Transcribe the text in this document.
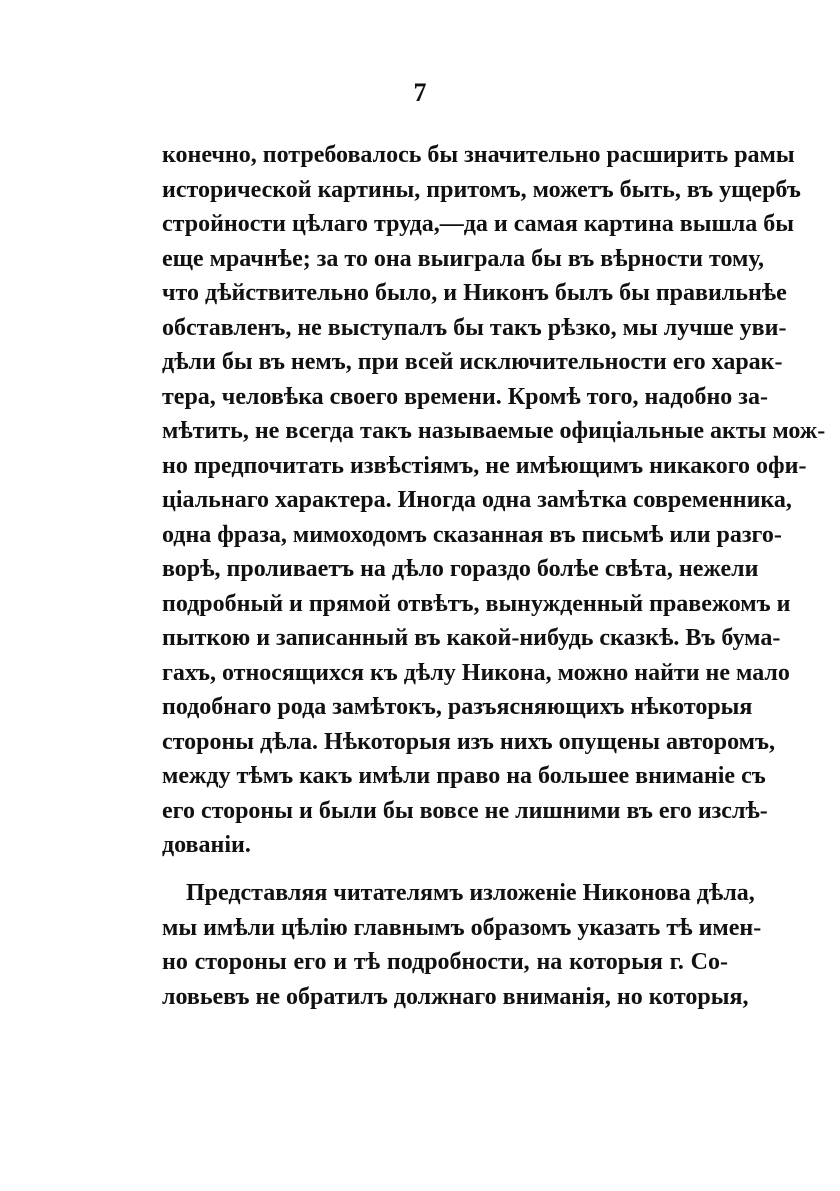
7
конечно, потребовалось бы значительно расширить рамы
исторической картины, притомъ, можетъ быть, въ ущербъ
стройности цѣлаго труда,—да и самая картина вышла бы
еще мрачнѣе; за то она выиграла бы въ вѣрности тому,
что дѣйствительно было, и Никонъ былъ бы правильнѣе
обставленъ, не выступалъ бы такъ рѣзко, мы лучше уви-
дѣли бы въ немъ, при всей исключительности его харак-
тера, человѣка своего времени. Кромѣ того, надобно за-
мѣтить, не всегда такъ называемые офиціальные акты мож-
но предпочитать извѣстіямъ, не имѣющимъ никакого офи-
ціальнаго характера. Иногда одна замѣтка современника,
одна фраза, мимоходомъ сказанная въ письмѣ или разго-
ворѣ, проливаетъ на дѣло гораздо болѣе свѣта, нежели
подробный и прямой отвѣтъ, вынужденный правежомъ и
пыткою и записанный въ какой-нибудь сказкѣ. Въ бума-
гахъ, относящихся къ дѣлу Никона, можно найти не мало
подобнаго рода замѣтокъ, разъясняющихъ нѣкоторыя
стороны дѣла. Нѣкоторыя изъ нихъ опущены авторомъ,
между тѣмъ какъ имѣли право на большее вниманіе съ
его стороны и были бы вовсе не лишними въ его изслѣ-
дованіи.
Представляя читателямъ изложеніе Никонова дѣла,
мы имѣли цѣлію главнымъ образомъ указать тѣ имен-
но стороны его и тѣ подробности, на которыя г. Со-
ловьевъ не обратилъ должнаго вниманія, но которыя,
